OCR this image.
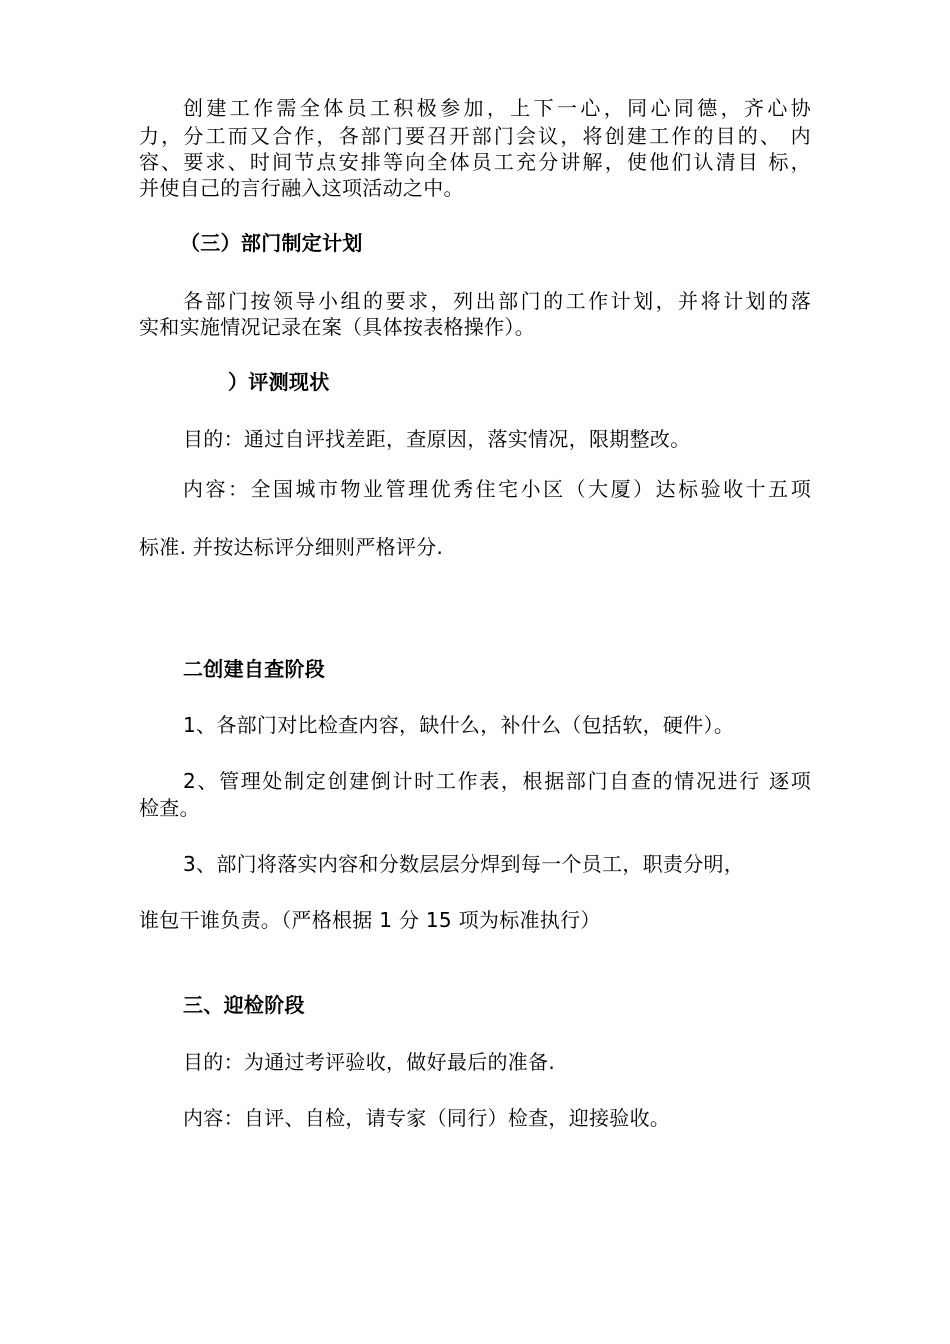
创建工作需全体员工积极参加，上下一心，同心同德，齐心协
力，分工而又合作，各部门要召开部门会议，将创建工作的目的、 内
容、要求、时间节点安排等向全体员工充分讲解，使他们认清目 标，
并使自己的言行融入这项活动之中。
（三）部门制定计划
各部门按领导小组的要求，列出部门的工作计划，并将计划的落
实和实施情况记录在案（具体按表格操作）。
）评测现状
目的：通过自评找差距，查原因，落实情况，限期整改。
内容：全国城市物业管理优秀住宅小区（大厦）达标验收十五项
标准. 并按达标评分细则严格评分.
二创建自查阶段
1、各部门对比检查内容，缺什么，补什么（包括软，硬件）。
2、管理处制定创建倒计时工作表，根据部门自查的情况进行 逐项
检查。
3、部门将落实内容和分数层层分焊到每一个员工，职责分明，
谁包干谁负责。（严格根据 1 分 15 项为标准执行）
三、迎检阶段
目的：为通过考评验收，做好最后的准备.
内容：自评、自检，请专家（同行）检查，迎接验收。
